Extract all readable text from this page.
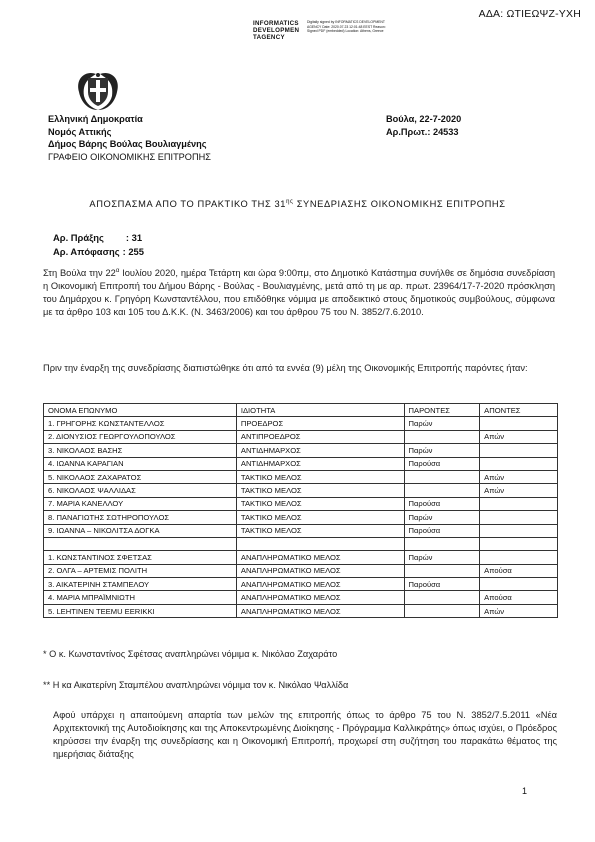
ΑΔΑ: ΩΤΙΕΩΨΖ-ΥΧΗ
INFORMATICS
DEVELOPMEN
TAGENCY
Digitally signed by INFORMATICS DEVELOPMENT AGENCY Date: 2020.07.23 12:01:48 EEST Reason: Signed PDF (embedded) Location: Athens, Greece
Ελληνική Δημοκρατία
Νομός Αττικής
Δήμος Βάρης Βούλας Βουλιαγμένης
ΓΡΑΦΕΙΟ ΟΙΚΟΝΟΜΙΚΗΣ ΕΠΙΤΡΟΠΗΣ
Βούλα, 22-7-2020
Αρ.Πρωτ.: 24533
ΑΠΟΣΠΑΣΜΑ ΑΠΟ ΤΟ ΠΡΑΚΤΙΚΟ ΤΗΣ $31^{\eta\varsigma}$ ΣΥΝΕΔΡΙΑΣΗΣ ΟΙΚΟΝΟΜΙΚΗΣ ΕΠΙΤΡΟΠΗΣ
Αρ. Πράξης : 31
Αρ. Απόφασης : 255
Στη Βούλα την $22^\alpha$ Ιουλίου 2020, ημέρα Τετάρτη και ώρα 9:00πμ, στο Δημοτικό Κατάστημα συνήλθε σε δημόσια συνεδρίαση η Οικονομική Επιτροπή του Δήμου Βάρης - Βούλας - Βουλιαγμένης, μετά από τη με αρ. πρωτ. 23964/17-7-2020 πρόσκληση του Δημάρχου κ. Γρηγόρη Κωνσταντέλλου, που επιδόθηκε νόμιμα με αποδεικτικό στους δημοτικούς συμβούλους, σύμφωνα με τα άρθρο 103 και 105 του Δ.Κ.Κ. (Ν. 3463/2006) και του άρθρου 75 του Ν. 3852/7.6.2010.
Πριν την έναρξη της συνεδρίασης διαπιστώθηκε ότι από τα εννέα (9) μέλη της Οικονομικής Επιτροπής παρόντες ήταν:
ΟΝΟΜΑ ΕΠΩΝΥΜΟ	ΙΔΙΟΤΗΤΑ	ΠΑΡΟΝΤΕΣ	ΑΠΟΝΤΕΣ
1. ΓΡΗΓΟΡΗΣ ΚΩΝΣΤΑΝΤΕΛΛΟΣ	ΠΡΟΕΔΡΟΣ	Παρών	
2. ΔΙΟΝΥΣΙΟΣ ΓΕΩΡΓΟΥΛΟΠΟΥΛΟΣ	ΑΝΤΙΠΡΟΕΔΡΟΣ		Απών
3. ΝΙΚΟΛΑΟΣ ΒΑΣΗΣ	ΑΝΤΙΔΗΜΑΡΧΟΣ	Παρών	
4. ΙΩΑΝΝΑ ΚΑΡΑΓΙΑΝ	ΑΝΤΙΔΗΜΑΡΧΟΣ	Παρούσα	
5. ΝΙΚΟΛΑΟΣ ΖΑΧΑΡΑΤΟΣ	ΤΑΚΤΙΚΟ ΜΕΛΟΣ		Απών
6. ΝΙΚΟΛΑΟΣ ΨΑΛΛΙΔΑΣ	ΤΑΚΤΙΚΟ ΜΕΛΟΣ		Απών
7. ΜΑΡΙΑ ΚΑΝΕΛΛΟΥ	ΤΑΚΤΙΚΟ ΜΕΛΟΣ	Παρούσα	
8. ΠΑΝΑΓΙΩΤΗΣ ΣΩΤΗΡΟΠΟΥΛΟΣ	ΤΑΚΤΙΚΟ ΜΕΛΟΣ	Παρών	
9. ΙΩΑΝΝΑ – ΝΙΚΟΛΙΤΣΑ ΔΟΓΚΑ	ΤΑΚΤΙΚΟ ΜΕΛΟΣ	Παρούσα	

1. ΚΩΝΣΤΑΝΤΙΝΟΣ ΣΦΕΤΣΑΣ	ΑΝΑΠΛΗΡΩΜΑΤΙΚΟ ΜΕΛΟΣ	Παρών	
2. ΟΛΓΑ – ΑΡΤΕΜΙΣ ΠΟΛΙΤΗ	ΑΝΑΠΛΗΡΩΜΑΤΙΚΟ ΜΕΛΟΣ		Απούσα
3. ΑΙΚΑΤΕΡΙΝΗ ΣΤΑΜΠΕΛΟΥ	ΑΝΑΠΛΗΡΩΜΑΤΙΚΟ ΜΕΛΟΣ	Παρούσα	
4. ΜΑΡΙΑ ΜΠΡΑΪΜΝΙΩΤΗ	ΑΝΑΠΛΗΡΩΜΑΤΙΚΟ ΜΕΛΟΣ		Απούσα
5. LEHTINEN TEEMU EERIKKI	ΑΝΑΠΛΗΡΩΜΑΤΙΚΟ ΜΕΛΟΣ		Απών
* Ο κ. Κωνσταντίνος Σφέτσας αναπληρώνει νόμιμα κ. Νικόλαο Ζαχαράτο
** Η κα Αικατερίνη Σταμπέλου αναπληρώνει νόμιμα τον κ. Νικόλαο Ψαλλίδα
Αφού υπάρχει η απαιτούμενη απαρτία των μελών της επιτροπής όπως το άρθρο 75 του Ν. 3852/7.5.2011 «Νέα Αρχιτεκτονική της Αυτοδιοίκησης και της Αποκεντρωμένης Διοίκησης - Πρόγραμμα Καλλικράτης» όπως ισχύει, ο Πρόεδρος κηρύσσει την έναρξη της συνεδρίασης και η Οικονομική Επιτροπή, προχωρεί στη συζήτηση του παρακάτω θέματος της ημερήσιας διάταξης
1
